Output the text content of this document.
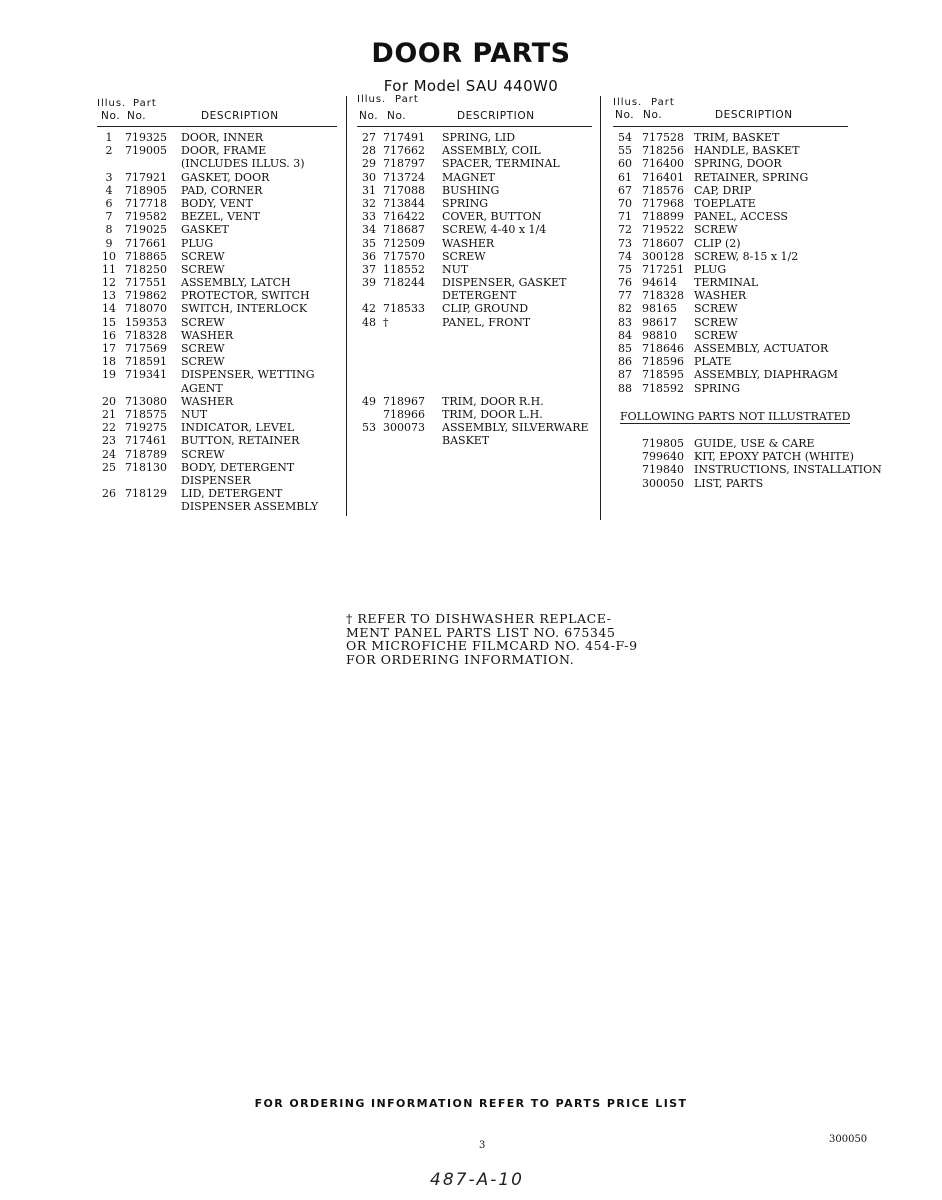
DOOR PARTS
For Model SAU 440W0
Illus. Part
No. No.	DESCRIPTION
1	719325 DOOR, INNER
2	719005 DOOR, FRAME
(INCLUDES ILLUS. 3)
3	717921 GASKET, DOOR
4	718905 PAD, CORNER
6	717718 BODY, VENT
7	719582 BEZEL, VENT
8	719025 GASKET
9	717661 PLUG
10 718865 SCREW
11 718250 SCREW
12 717551 ASSEMBLY, LATCH
13 719862 PROTECTOR, SWITCH
14 718070 SWITCH, INTERLOCK
15 159353 SCREW
16 718328 WASHER
17 717569 SCREW
18 718591 SCREW
19 719341 DISPENSER, WETTING
AGENT
20 713080 WASHER
21 718575 NUT
22 719275 INDICATOR, LEVEL
23 717461 BUTTON, RETAINER
24 718789 SCREW
25 718130 BODY, DETERGENT
DISPENSER
26 718129 LID, DETERGENT
DISPENSER ASSEMBLY
Illus. Part
No. No.	DESCRIPTION
27 717491 SPRING, LID
28 717662 ASSEMBLY, COIL
29 718797 SPACER, TERMINAL
30 713724 MAGNET
31 717088 BUSHING
32 713844 SPRING
33 716422 COVER, BUTTON
34 718687 SCREW, 4-40 x 1/4
35 712509 WASHER
36 717570 SCREW
37 118552 NUT
39 718244 DISPENSER, GASKET
DETERGENT
42 718533 CLIP, GROUND
48 †	PANEL, FRONT
49 718967 TRIM, DOOR R.H.
718966 TRIM, DOOR L.H.
53 300073 ASSEMBLY, SILVERWARE
BASKET
Illus. Part
No. No.	DESCRIPTION
54 717528 TRIM, BASKET
55 718256 HANDLE, BASKET
60 716400 SPRING, DOOR
61 716401 RETAINER, SPRING
67 718576 CAP, DRIP
70 717968 TOEPLATE
71 718899 PANEL, ACCESS
72 719522 SCREW
73 718607 CLIP (2)
74 300128 SCREW, 8-15 x 1/2
75 717251 PLUG
76 94614 TERMINAL
77 718328 WASHER
82 98165 SCREW
83 98617 SCREW
84 98810 SCREW
85 718646 ASSEMBLY, ACTUATOR
86 718596 PLATE
87 718595 ASSEMBLY, DIAPHRAGM
88 718592 SPRING
FOLLOWING PARTS NOT ILLUSTRATED
719805 GUIDE, USE & CARE
799640 KIT, EPOXY PATCH (WHITE)
719840 INSTRUCTIONS, INSTALLATION
300050 LIST, PARTS
† REFER TO DISHWASHER REPLACE-
MENT PANEL PARTS LIST NO. 675345
OR MICROFICHE FILMCARD NO. 454-F-9
FOR ORDERING INFORMATION.
FOR ORDERING INFORMATION REFER TO PARTS PRICE LIST
3
300050
487-A-10
